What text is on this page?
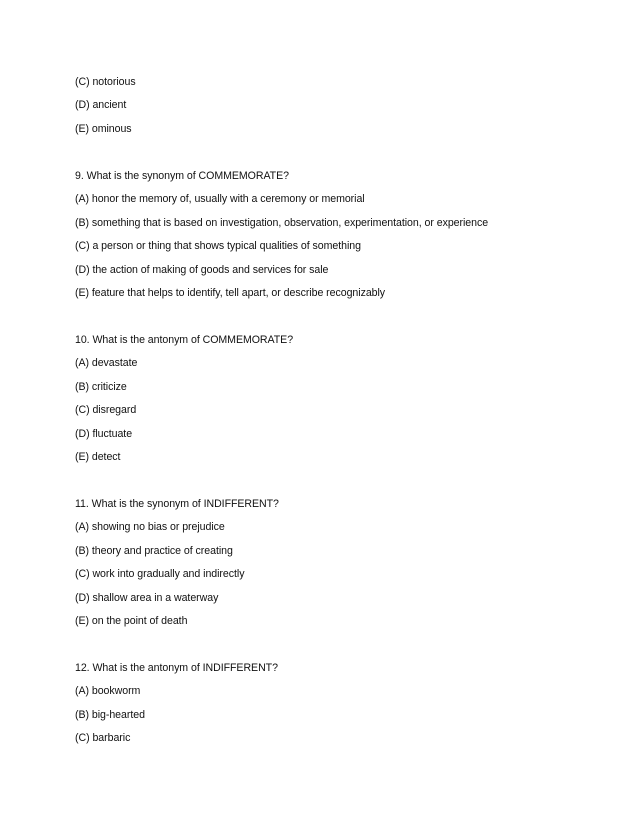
(C) notorious
(D) ancient
(E) ominous
9. What is the synonym of COMMEMORATE?
(A) honor the memory of, usually with a ceremony or memorial
(B) something that is based on investigation, observation, experimentation, or experience
(C) a person or thing that shows typical qualities of something
(D) the action of making of goods and services for sale
(E) feature that helps to identify, tell apart, or describe recognizably
10. What is the antonym of COMMEMORATE?
(A) devastate
(B) criticize
(C) disregard
(D) fluctuate
(E) detect
11. What is the synonym of INDIFFERENT?
(A) showing no bias or prejudice
(B) theory and practice of creating
(C) work into gradually and indirectly
(D) shallow area in a waterway
(E) on the point of death
12. What is the antonym of INDIFFERENT?
(A) bookworm
(B) big-hearted
(C) barbaric
